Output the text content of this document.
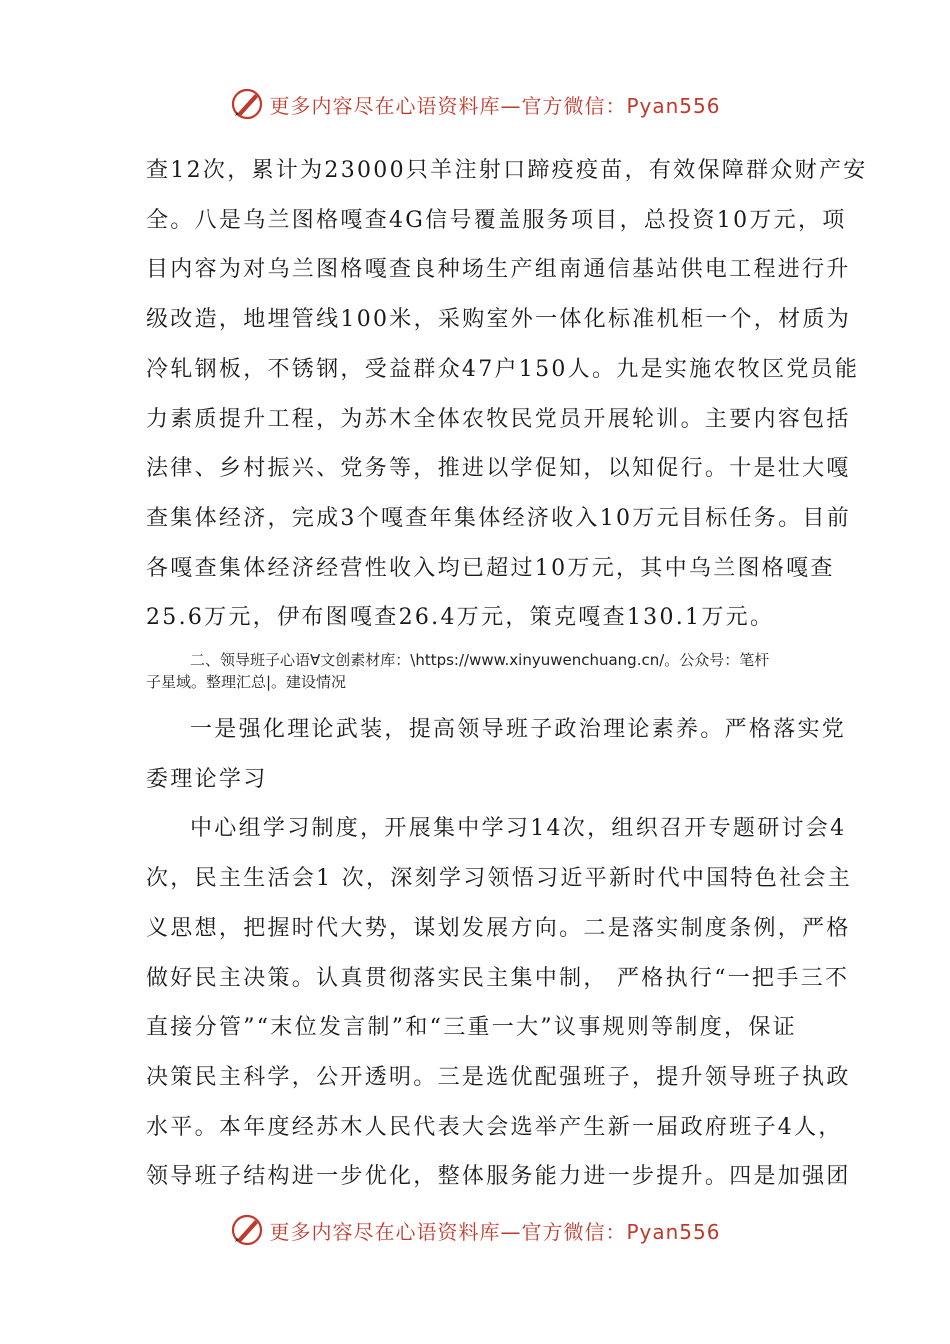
更多内容尽在心语资料库—官方微信：Pyan556

查12次，累计为23000只羊注射口蹄疫疫苗，有效保障群众财产安

全。八是乌兰图格嘎查4G信号覆盖服务项目，总投资10万元，项

目内容为对乌兰图格嘎查良种场生产组南通信基站供电工程进行升

级改造，地埋管线100米，采购室外一体化标准机柜一个，材质为

冷轧钢板，不锈钢，受益群众47户150人。九是实施农牧区党员能

力素质提升工程，为苏木全体农牧民党员开展轮训。主要内容包括

法律、乡村振兴、党务等，推进以学促知，以知促行。十是壮大嘎

查集体经济，完成3个嘎查年集体经济收入10万元目标任务。目前

各嘎查集体经济经营性收入均已超过10万元，其中乌兰图格嘎查

25.6万元，伊布图嘎查26.4万元，策克嘎查130.1万元。

二、领导班子心语∀文创素材库：\https://www.xinyuwenchuang.cn/。公众号：笔杆
子星域。整理汇总|。建设情况

一是强化理论武装，提高领导班子政治理论素养。严格落实党

委理论学习

中心组学习制度，开展集中学习14次，组织召开专题研讨会4

次，民主生活会1 次，深刻学习领悟习近平新时代中国特色社会主

义思想，把握时代大势，谋划发展方向。二是落实制度条例，严格

做好民主决策。认真贯彻落实民主集中制， 严格执行“一把手三不

直接分管”“末位发言制”和“三重一大”议事规则等制度，保证

决策民主科学，公开透明。三是选优配强班子，提升领导班子执政

水平。本年度经苏木人民代表大会选举产生新一届政府班子4人，

领导班子结构进一步优化，整体服务能力进一步提升。四是加强团

更多内容尽在心语资料库—官方微信：Pyan556
